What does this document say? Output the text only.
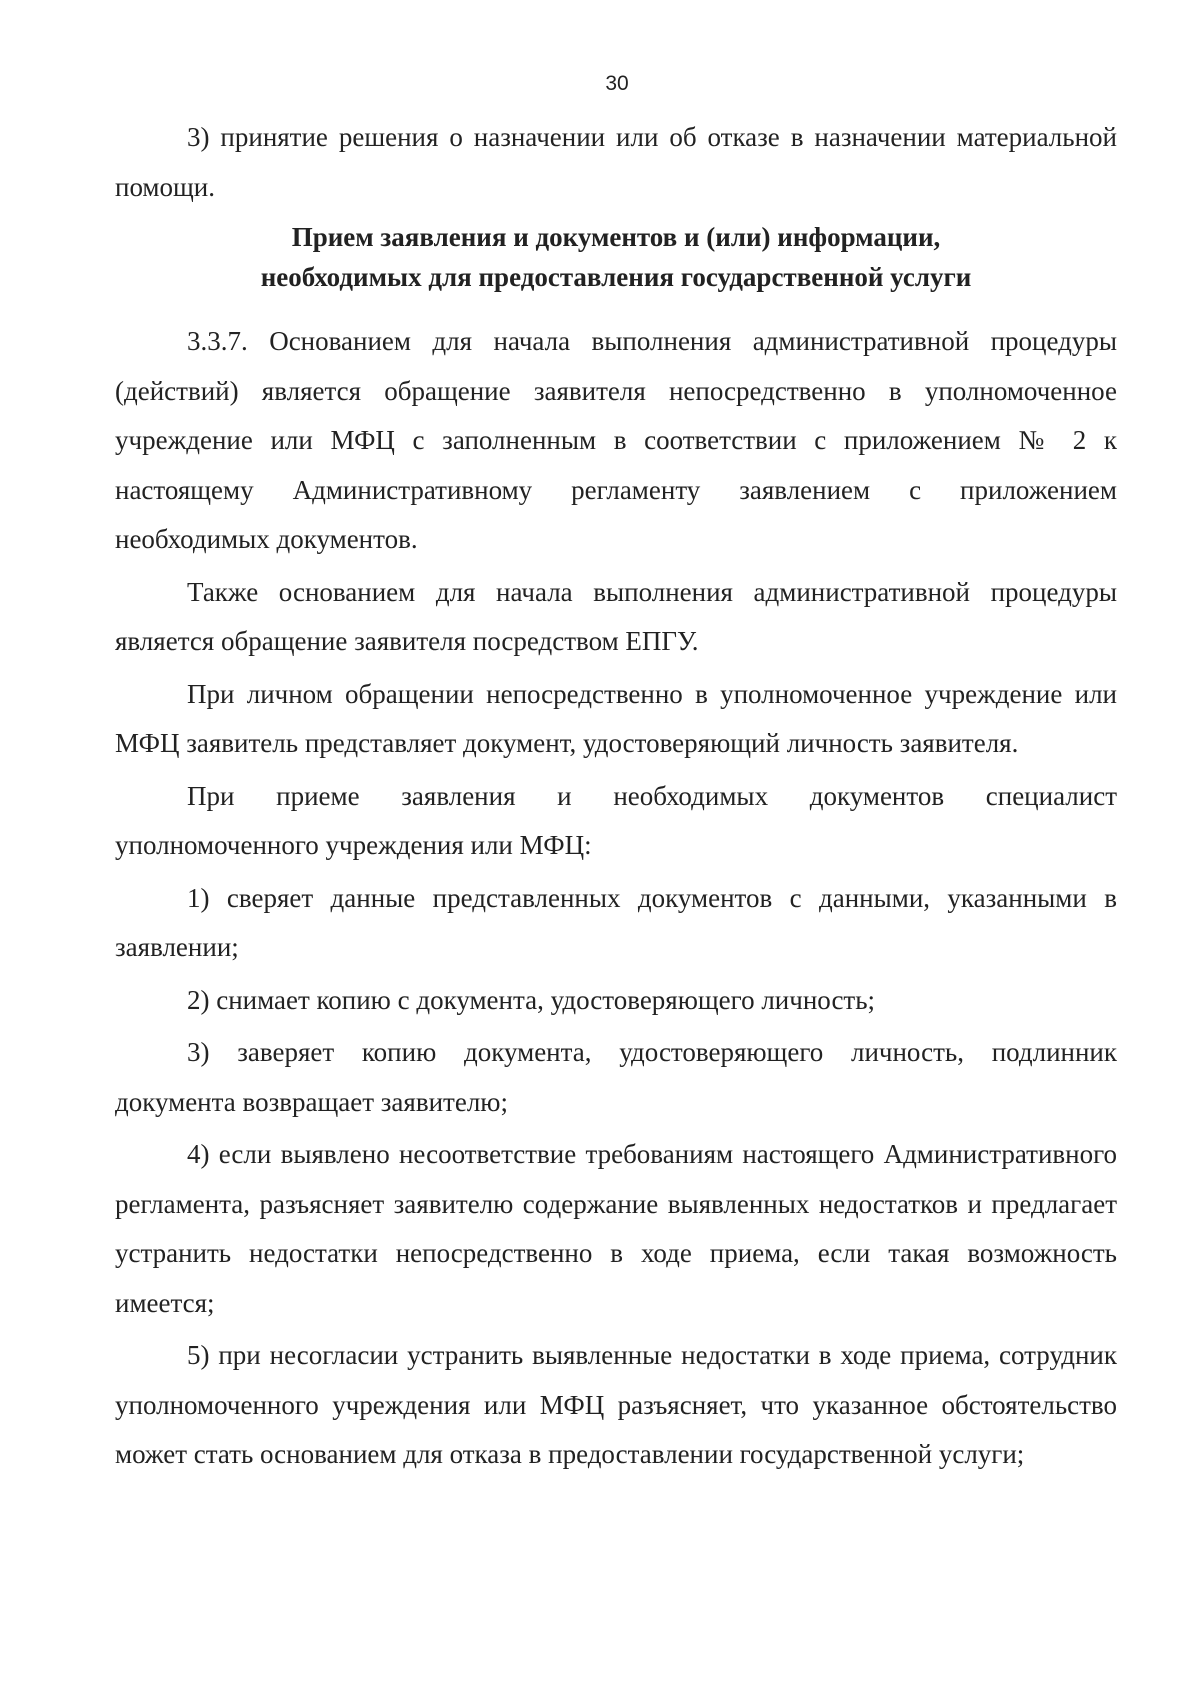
30

3) принятие решения о назначении или об отказе в назначении материальной помощи.

Прием заявления и документов и (или) информации,
необходимых для предоставления государственной услуги

3.3.7. Основанием для начала выполнения административной процедуры (действий) является обращение заявителя непосредственно в уполномоченное учреждение или МФЦ с заполненным в соответствии с приложением № 2 к настоящему Административному регламенту заявлением с приложением необходимых документов.

Также основанием для начала выполнения административной процедуры является обращение заявителя посредством ЕПГУ.

При личном обращении непосредственно в уполномоченное учреждение или МФЦ заявитель представляет документ, удостоверяющий личность заявителя.

При приеме заявления и необходимых документов специалист уполномоченного учреждения или МФЦ:

1) сверяет данные представленных документов с данными, указанными в заявлении;

2) снимает копию с документа, удостоверяющего личность;

3) заверяет копию документа, удостоверяющего личность, подлинник документа возвращает заявителю;

4) если выявлено несоответствие требованиям настоящего Административного регламента, разъясняет заявителю содержание выявленных недостатков и предлагает устранить недостатки непосредственно в ходе приема, если такая возможность имеется;

5) при несогласии устранить выявленные недостатки в ходе приема, сотрудник уполномоченного учреждения или МФЦ разъясняет, что указанное обстоятельство может стать основанием для отказа в предоставлении государственной услуги;
